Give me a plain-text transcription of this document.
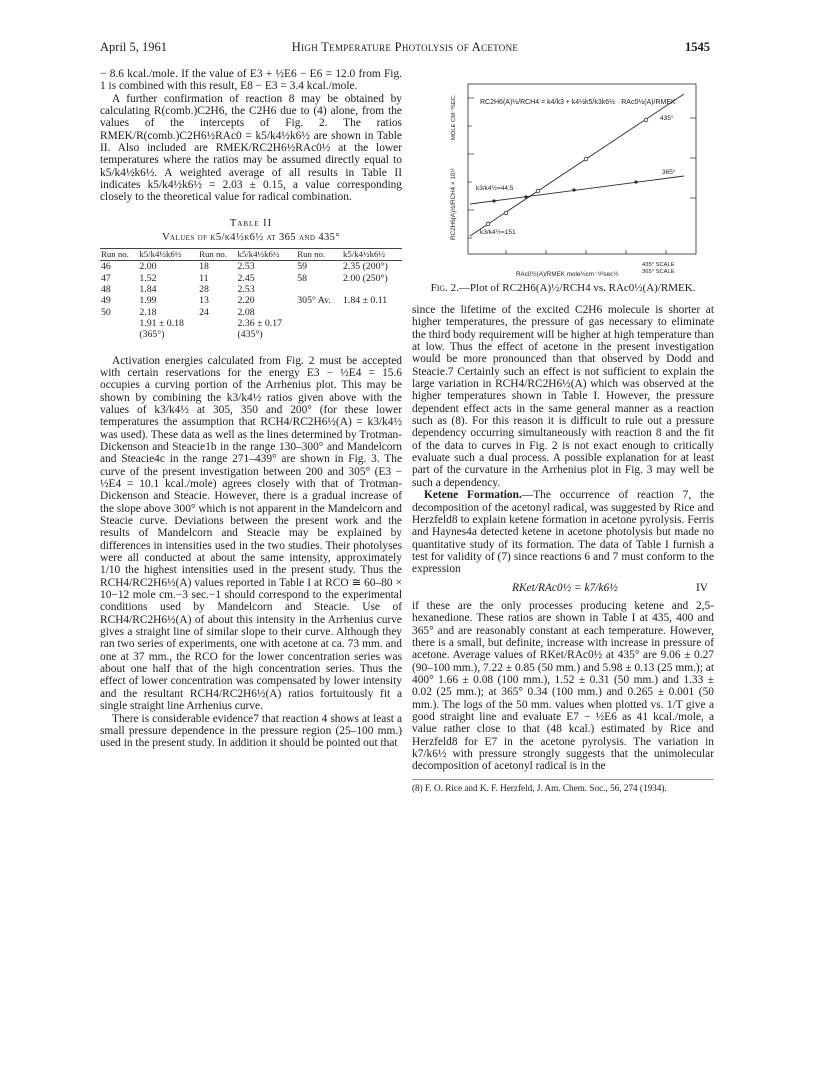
April 5, 1961	High Temperature Photolysis of Acetone	1545

− 8.6 kcal./mole. If the value of E3 + ½E6 − E6 = 12.0 from Fig. 1 is combined with this result, E8 − E3 = 3.4 kcal./mole.

A further confirmation of reaction 8 may be obtained by calculating R(comb.)C2H6, the C2H6 due to (4) alone, from the values of the intercepts of Fig. 2. The ratios RMEK/R(comb.)C2H6½RAc0 = k5/k4½k6½ are shown in Table II. Also included are RMEK/RC2H6½RAc0½ at the lower temperatures where the ratios may be assumed directly equal to k5/k4½k6½. A weighted average of all results in Table II indicates k5/k4½k6½ = 2.03 ± 0.15, a value corresponding closely to the theoretical value for radical combination.

Table II
Values of k5/k4½k6½ at 365 and 435°
Run no.	k5/k4½k6½	Run no.	k5/k4½k6½	Run no.	k5/k4½k6½
46	2.00	18	2.53	59	2.35 (200°)
47	1.52	11	2.45	58	2.00 (250°)
48	1.84	28	2.53		
49	1.99	13	2.20	305° Av.	1.84 ± 0.11
50	2.18	24	2.08		
	1.91 ± 0.18		2.36 ± 0.17		
	(365°)		(435°)		

Activation energies calculated from Fig. 2 must be accepted with certain reservations for the energy E3 − ½E4 = 15.6 occupies a curving portion of the Arrhenius plot. This may be shown by combining the k3/k4½ ratios given above with the values of k3/k4½ at 305, 350 and 200° (for these lower temperatures the assumption that RCH4/RC2H6½(A) = k3/k4½ was used). These data as well as the lines determined by Trotman-Dickenson and Steacie1b in the range 130–300° and Mandelcorn and Steacie4c in the range 271–439° are shown in Fig. 3. The curve of the present investigation between 200 and 305° (E3 − ½E4 = 10.1 kcal./mole) agrees closely with that of Trotman-Dickenson and Steacie. However, there is a gradual increase of the slope above 300° which is not apparent in the Mandelcorn and Steacie curve. Deviations between the present work and the results of Mandelcorn and Steacie may be explained by differences in intensities used in the two studies. Their photolyses were all conducted at about the same intensity, approximately 1/10 the highest intensities used in the present study. Thus the RCH4/RC2H6½(A) values reported in Table I at RCO ≅ 60–80 × 10−12 mole cm.−3 sec.−1 should correspond to the experimental conditions used by Mandelcorn and Steacie. Use of RCH4/RC2H6½(A) of about this intensity in the Arrhenius curve gives a straight line of similar slope to their curve. Although they ran two series of experiments, one with acetone at ca. 73 mm. and one at 37 mm., the RCO for the lower concentration series was about one half that of the high concentration series. Thus the effect of lower concentration was compensated by lower intensity and the resultant RCH4/RC2H6½(A) ratios fortuitously fit a single straight line Arrhenius curve.

There is considerable evidence7 that reaction 4 shows at least a small pressure dependence in the pressure region (25–100 mm.) used in the present study. In addition it should be pointed out that

RC2H6(A)½/RCH4 = k4/k3 + k4½k5/k3k6½ · RAc0½(A)/RMEK
435°
365°
k3/k4½=44.5
k3/k4½=151
435° SCALE
365° SCALE
RAc0½(A)/RMEK mole½cm⁻³/²sec½
RC2H6(A)½/RCH4 × 10¹²
MOLE CM⁻³SEC.
Fig. 2.—Plot of RC2H6(A)½/RCH4 vs. RAc0½(A)/RMEK.

since the lifetime of the excited C2H6 molecule is shorter at higher temperatures, the pressure of gas necessary to eliminate the third body requirement will be higher at high temperature than at low. Thus the effect of acetone in the present investigation would be more pronounced than that observed by Dodd and Steacie.7 Certainly such an effect is not sufficient to explain the large variation in RCH4/RC2H6½(A) which was observed at the higher temperatures shown in Table I. However, the pressure dependent effect acts in the same general manner as a reaction such as (8). For this reason it is difficult to rule out a pressure dependency occurring simultaneously with reaction 8 and the fit of the data to curves in Fig. 2 is not exact enough to critically evaluate such a dual process. A possible explanation for at least part of the curvature in the Arrhenius plot in Fig. 3 may well be such a dependency.

Ketene Formation.—The occurrence of reaction 7, the decomposition of the acetonyl radical, was suggested by Rice and Herzfeld8 to explain ketene formation in acetone pyrolysis. Ferris and Haynes4a detected ketene in acetone photolysis but made no quantitative study of its formation. The data of Table I furnish a test for validity of (7) since reactions 6 and 7 must conform to the expression

RKet/RAc0½ = k7/k6½	IV

if these are the only processes producing ketene and 2,5-hexanedione. These ratios are shown in Table I at 435, 400 and 365° and are reasonably constant at each temperature. However, there is a small, but definite, increase with increase in pressure of acetone. Average values of RKet/RAc0½ at 435° are 9.06 ± 0.27 (90–100 mm.), 7.22 ± 0.85 (50 mm.) and 5.98 ± 0.13 (25 mm.); at 400° 1.66 ± 0.08 (100 mm.), 1.52 ± 0.31 (50 mm.) and 1.33 ± 0.02 (25 mm.); at 365° 0.34 (100 mm.) and 0.265 ± 0.001 (50 mm.). The logs of the 50 mm. values when plotted vs. 1/T give a good straight line and evaluate E7 − ½E6 as 41 kcal./mole, a value rather close to that (48 kcal.) estimated by Rice and Herzfeld8 for E7 in the acetone pyrolysis. The variation in k7/k6½ with pressure strongly suggests that the unimolecular decomposition of acetonyl radical is in the

(8) F. O. Rice and K. F. Herzfeld, J. Am. Chem. Soc., 56, 274 (1934).
